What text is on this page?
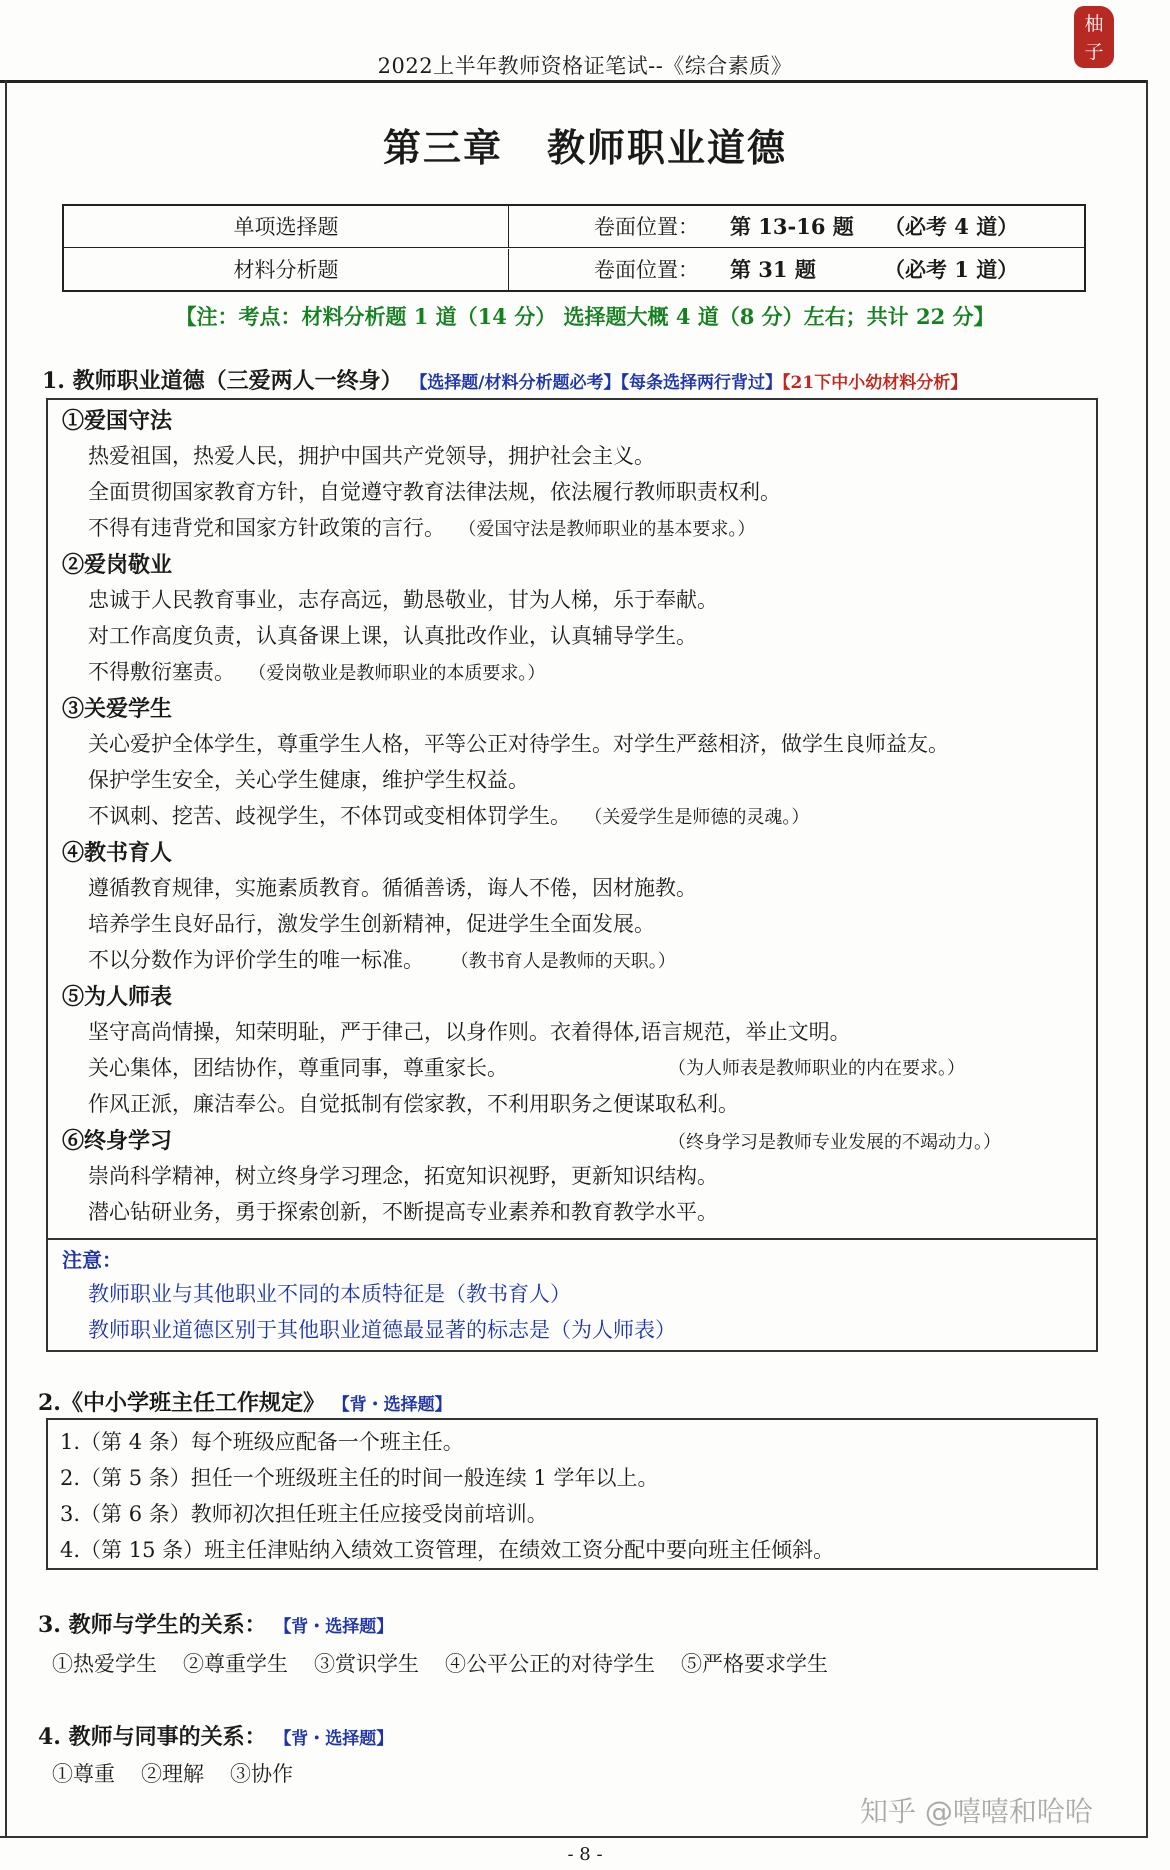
2022上半年教师资格证笔试--《综合素质》
柚
子
第三章 教师职业道德
单项选择题	卷面位置： 第 13-16 题 （必考 4 道）
材料分析题	卷面位置： 第 31 题	（必考 1 道）
【注：考点：材料分析题 1 道（14 分） 选择题大概 4 道（8 分）左右；共计 22 分】
1. 教师职业道德（三爱两人一终身） 【选择题/材料分析题必考】【每条选择两行背过】【21下中小幼材料分析】
①爱国守法
热爱祖国，热爱人民，拥护中国共产党领导，拥护社会主义。
全面贯彻国家教育方针，自觉遵守教育法律法规，依法履行教师职责权利。
不得有违背党和国家方针政策的言行。 （爱国守法是教师职业的基本要求。）
②爱岗敬业
忠诚于人民教育事业，志存高远，勤恳敬业，甘为人梯，乐于奉献。
对工作高度负责，认真备课上课，认真批改作业，认真辅导学生。
不得敷衍塞责。 （爱岗敬业是教师职业的本质要求。）
③关爱学生
关心爱护全体学生，尊重学生人格，平等公正对待学生。对学生严慈相济，做学生良师益友。
保护学生安全，关心学生健康，维护学生权益。
不讽刺、挖苦、歧视学生，不体罚或变相体罚学生。 （关爱学生是师德的灵魂。）
④教书育人
遵循教育规律，实施素质教育。循循善诱，诲人不倦，因材施教。
培养学生良好品行，激发学生创新精神，促进学生全面发展。
不以分数作为评价学生的唯一标准。 （教书育人是教师的天职。）
⑤为人师表
坚守高尚情操，知荣明耻，严于律己，以身作则。衣着得体,语言规范，举止文明。
关心集体，团结协作，尊重同事，尊重家长。	（为人师表是教师职业的内在要求。）
作风正派，廉洁奉公。自觉抵制有偿家教，不利用职务之便谋取私利。
⑥终身学习	（终身学习是教师专业发展的不竭动力。）
崇尚科学精神，树立终身学习理念，拓宽知识视野，更新知识结构。
潜心钻研业务，勇于探索创新，不断提高专业素养和教育教学水平。
注意：
教师职业与其他职业不同的本质特征是（教书育人）
教师职业道德区别于其他职业道德最显著的标志是（为人师表）
2.《中小学班主任工作规定》 【背・选择题】
1.（第 4 条）每个班级应配备一个班主任。
2.（第 5 条）担任一个班级班主任的时间一般连续 1 学年以上。
3.（第 6 条）教师初次担任班主任应接受岗前培训。
4.（第 15 条）班主任津贴纳入绩效工资管理，在绩效工资分配中要向班主任倾斜。
3. 教师与学生的关系： 【背・选择题】
①热爱学生 ②尊重学生 ③赏识学生 ④公平公正的对待学生 ⑤严格要求学生
4. 教师与同事的关系： 【背・选择题】
①尊重 ②理解 ③协作
知乎 @嘻嘻和哈哈
- 8 -
